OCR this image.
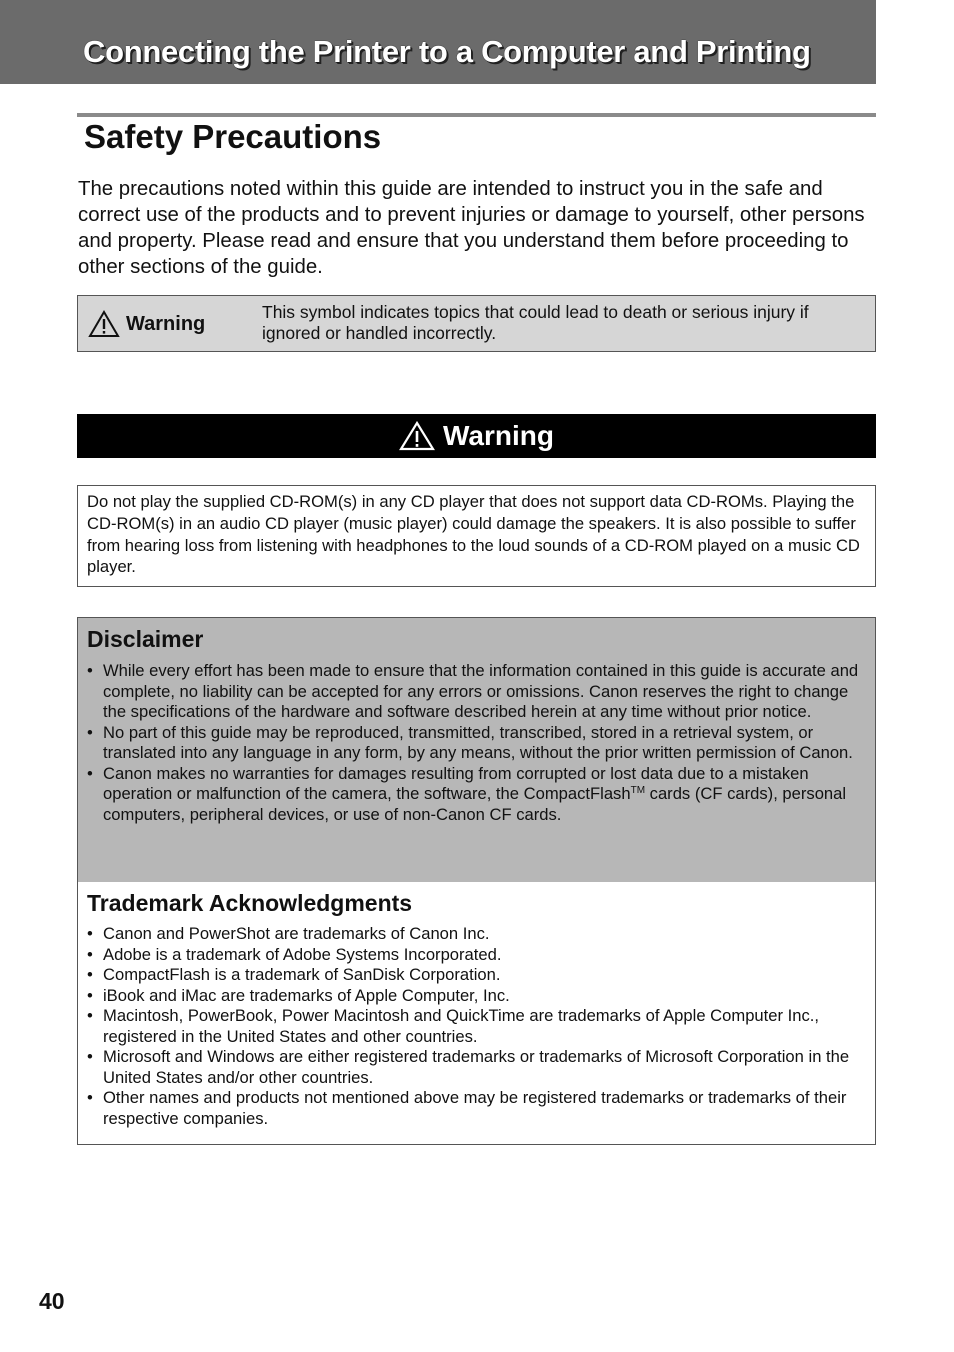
Connecting the Printer to a Computer and Printing
Safety Precautions

The precautions noted within this guide are intended to instruct you in the safe and correct use of the products and to prevent injuries or damage to yourself, other persons and property. Please read and ensure that you understand them before proceeding to other sections of the guide.

Warning

This symbol indicates topics that could lead to death or serious injury if ignored or handled incorrectly.

Warning

Do not play the supplied CD-ROM(s) in any CD player that does not support data CD-ROMs. Playing the CD-ROM(s) in an audio CD player (music player) could damage the speakers. It is also possible to suffer from hearing loss from listening with headphones to the loud sounds of a CD-ROM played on a music CD player.

Disclaimer
• While every effort has been made to ensure that the information contained in this guide is accurate and complete, no liability can be accepted for any errors or omissions. Canon reserves the right to change the specifications of the hardware and software described herein at any time without prior notice.
• No part of this guide may be reproduced, transmitted, transcribed, stored in a retrieval system, or translated into any language in any form, by any means, without the prior written permission of Canon.
• Canon makes no warranties for damages resulting from corrupted or lost data due to a mistaken operation or malfunction of the camera, the software, the CompactFlash™ cards (CF cards), personal computers, peripheral devices, or use of non-Canon CF cards.
Trademark Acknowledgments
• Canon and PowerShot are trademarks of Canon Inc.
• Adobe is a trademark of Adobe Systems Incorporated.
• CompactFlash is a trademark of SanDisk Corporation.
• iBook and iMac are trademarks of Apple Computer, Inc.
• Macintosh, PowerBook, Power Macintosh and QuickTime are trademarks of Apple Computer Inc., registered in the United States and other countries.
• Microsoft and Windows are either registered trademarks or trademarks of Microsoft Corporation in the United States and/or other countries.
• Other names and products not mentioned above may be registered trademarks or trademarks of their respective companies.

40
